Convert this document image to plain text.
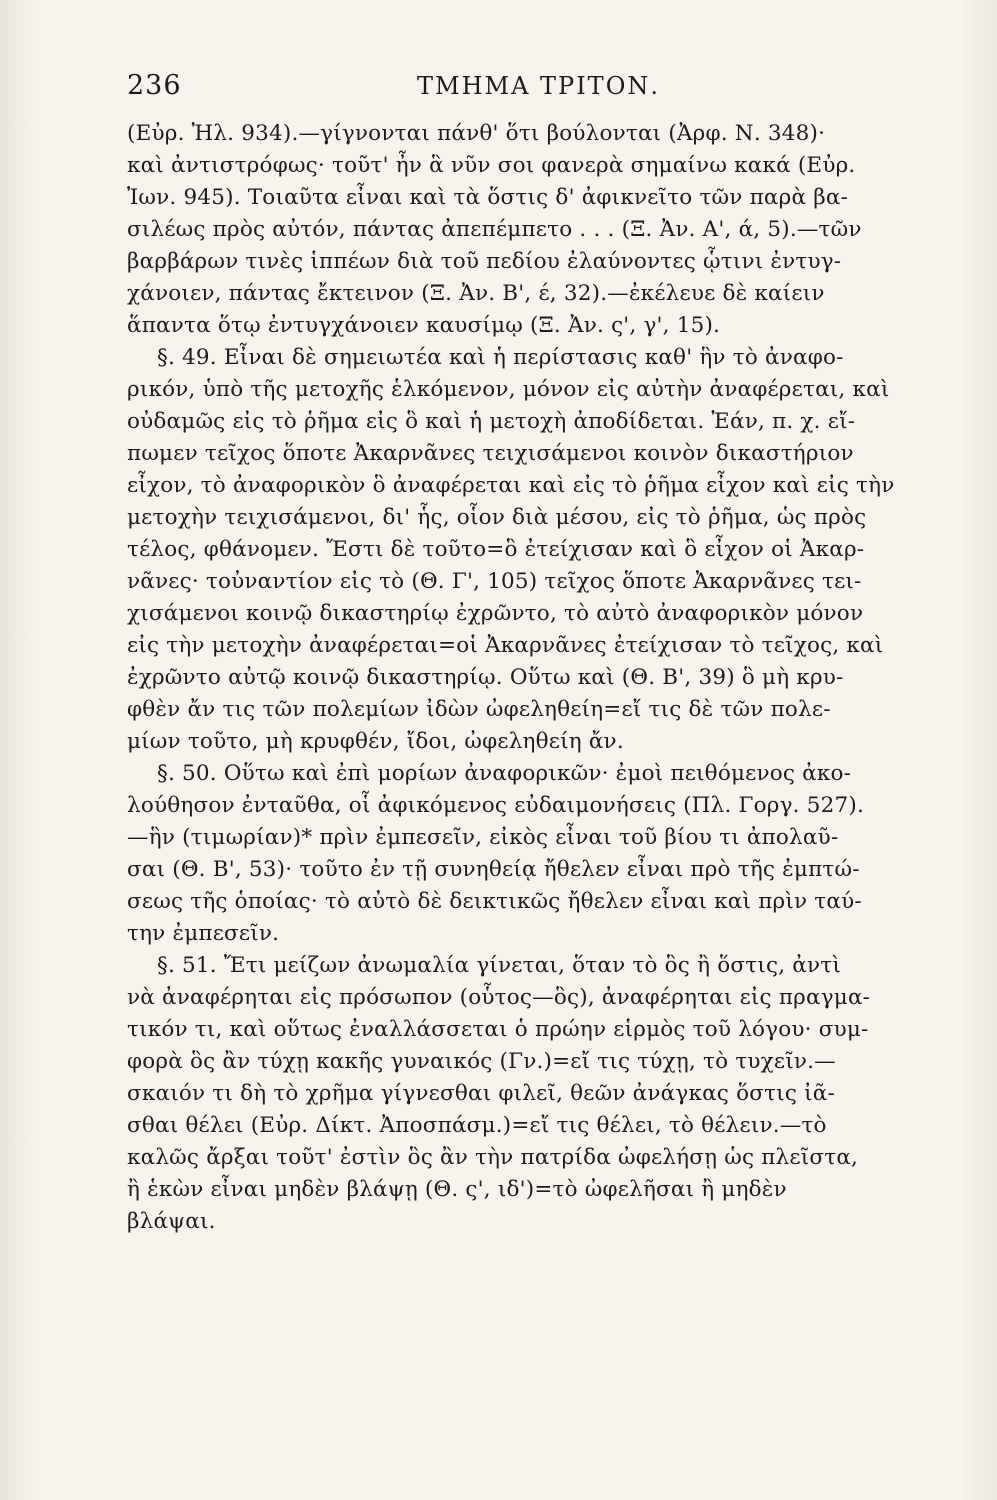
236	ΤΜΗΜΑ ΤΡΙΤΟΝ.
(Εὐρ. Ἠλ. 934).—γίγνονται πάνθ' ὅτι βούλονται (Ἀρφ. Ν. 348)·
καὶ ἀντιστρόφως· τοῦτ' ἦν ἃ νῦν σοι φανερὰ σημαίνω κακά (Εὐρ.
Ἰων. 945). Τοιαῦτα εἶναι καὶ τὰ ὅστις δ' ἀφικνεῖτο τῶν παρὰ βα-
σιλέως πρὸς αὐτόν, πάντας ἀπεπέμπετο . . . (Ξ. Ἀν. Α', ά, 5).—τῶν
βαρβάρων τινὲς ἱππέων διὰ τοῦ πεδίου ἐλαύνοντες ᾧτινι ἐντυγ-
χάνοιεν, πάντας ἔκτεινον (Ξ. Ἀν. Β', έ, 32).—ἐκέλευε δὲ καίειν
ἅπαντα ὅτῳ ἐντυγχάνοιεν καυσίμῳ (Ξ. Ἀν. ς', γ', 15).
§. 49. Εἶναι δὲ σημειωτέα καὶ ἡ περίστασις καθ' ἣν τὸ ἀναφο-
ρικόν, ὑπὸ τῆς μετοχῆς ἑλκόμενον, μόνον εἰς αὐτὴν ἀναφέρεται, καὶ
οὐδαμῶς εἰς τὸ ῥῆμα εἰς ὃ καὶ ἡ μετοχὴ ἀποδίδεται. Ἐάν, π. χ. εἴ-
πωμεν τεῖχος ὅποτε Ἀκαρνᾶνες τειχισάμενοι κοινὸν δικαστήριον
εἶχον, τὸ ἀναφορικὸν ὃ ἀναφέρεται καὶ εἰς τὸ ῥῆμα εἶχον καὶ εἰς τὴν
μετοχὴν τειχισάμενοι, δι' ἧς, οἷον διὰ μέσου, εἰς τὸ ῥῆμα, ὡς πρὸς
τέλος, φθάνομεν. Ἔστι δὲ τοῦτο=ὃ ἐτείχισαν καὶ ὃ εἶχον οἱ Ἀκαρ-
νᾶνες· τοὐναντίον εἰς τὸ (Θ. Γ', 105) τεῖχος ὅποτε Ἀκαρνᾶνες τει-
χισάμενοι κοινῷ δικαστηρίῳ ἐχρῶντο, τὸ αὐτὸ ἀναφορικὸν μόνον
εἰς τὴν μετοχὴν ἀναφέρεται=οἱ Ἀκαρνᾶνες ἐτείχισαν τὸ τεῖχος, καὶ
ἐχρῶντο αὐτῷ κοινῷ δικαστηρίῳ. Οὕτω καὶ (Θ. Β', 39) ὃ μὴ κρυ-
φθὲν ἄν τις τῶν πολεμίων ἰδὼν ὠφεληθείη=εἴ τις δὲ τῶν πολε-
μίων τοῦτο, μὴ κρυφθέν, ἴδοι, ὠφεληθείη ἄν.
§. 50. Οὕτω καὶ ἐπὶ μορίων ἀναφορικῶν· ἐμοὶ πειθόμενος ἀκο-
λούθησον ἐνταῦθα, οἷ ἀφικόμενος εὐδαιμονήσεις (Πλ. Γοργ. 527).
—ἣν (τιμωρίαν)* πρὶν ἐμπεσεῖν, εἰκὸς εἶναι τοῦ βίου τι ἀπολαῦ-
σαι (Θ. Β', 53)· τοῦτο ἐν τῇ συνηθείᾳ ἤθελεν εἶναι πρὸ τῆς ἐμπτώ-
σεως τῆς ὁποίας· τὸ αὐτὸ δὲ δεικτικῶς ἤθελεν εἶναι καὶ πρὶν ταύ-
την ἐμπεσεῖν.
§. 51. Ἔτι μείζων ἀνωμαλία γίνεται, ὅταν τὸ ὃς ἢ ὅστις, ἀντὶ
νὰ ἀναφέρηται εἰς πρόσωπον (οὗτος—ὃς), ἀναφέρηται εἰς πραγμα-
τικόν τι, καὶ οὕτως ἐναλλάσσεται ὁ πρώην εἱρμὸς τοῦ λόγου· συμ-
φορὰ ὃς ἂν τύχῃ κακῆς γυναικός (Γν.)=εἴ τις τύχῃ, τὸ τυχεῖν.—
σκαιόν τι δὴ τὸ χρῆμα γίγνεσθαι φιλεῖ, θεῶν ἀνάγκας ὅστις ἰᾶ-
σθαι θέλει (Εὐρ. Δίκτ. Ἀποσπάσμ.)=εἴ τις θέλει, τὸ θέλειν.—τὸ
καλῶς ἄρξαι τοῦτ' ἐστὶν ὃς ἂν τὴν πατρίδα ὠφελήσῃ ὡς πλεῖστα,
ἢ ἑκὼν εἶναι μηδὲν βλάψῃ (Θ. ς', ιδ')=τὸ ὠφελῆσαι ἢ μηδὲν
βλάψαι.
